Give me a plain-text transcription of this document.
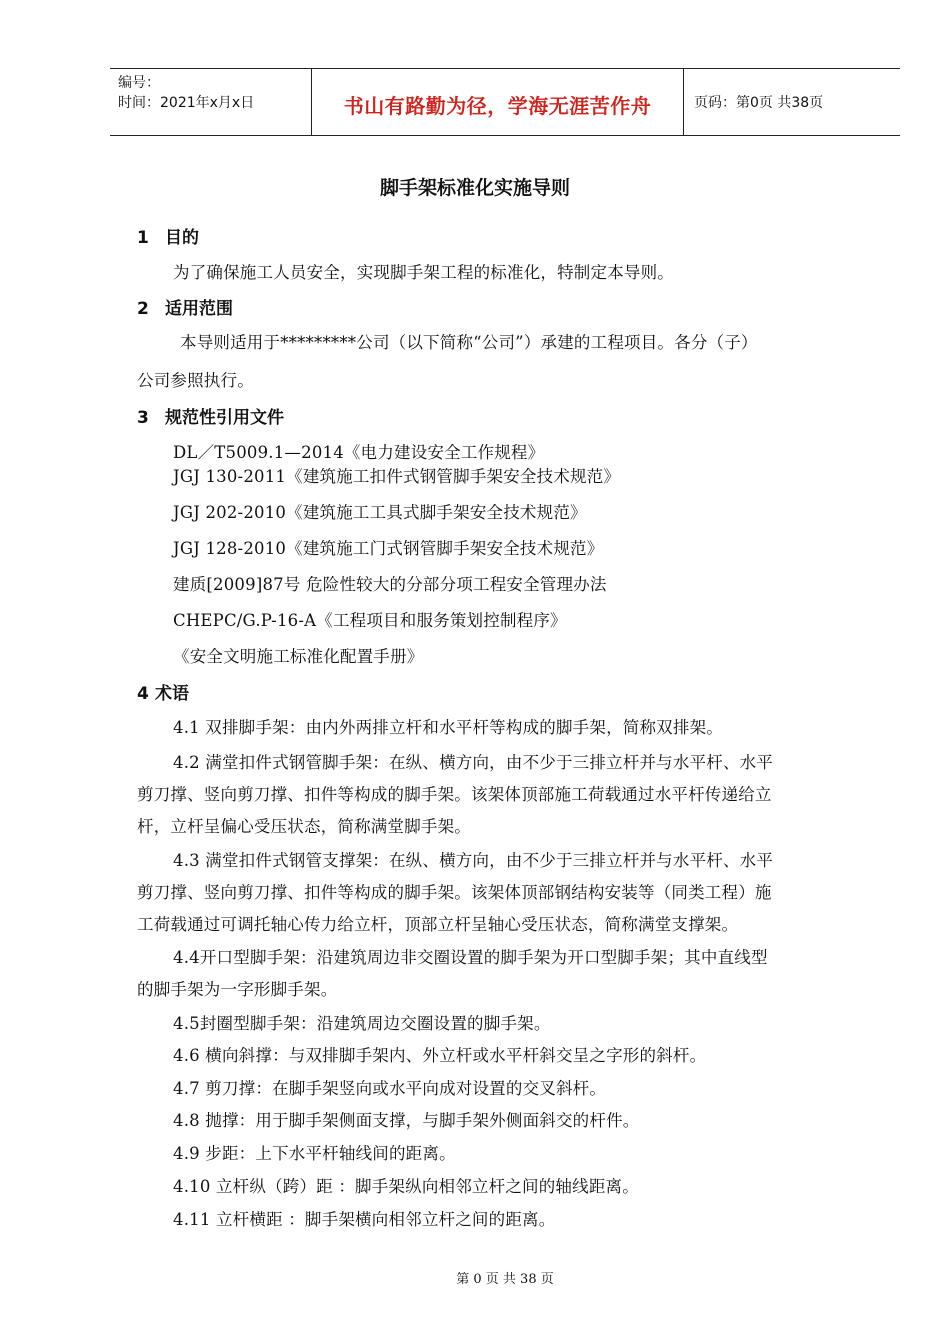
编号：
时间：2021年x月x日	书山有路勤为径，学海无涯苦作舟	页码：第0页 共38页
脚手架标准化实施导则
1 目的
为了确保施工人员安全，实现脚手架工程的标准化，特制定本导则。
2 适用范围
本导则适用于*********公司（以下简称“公司”）承建的工程项目。各分（子）
公司参照执行。
3 规范性引用文件
DL／T5009.1—2014《电力建设安全工作规程》
JGJ 130-2011《建筑施工扣件式钢管脚手架安全技术规范》
JGJ 202-2010《建筑施工工具式脚手架安全技术规范》
JGJ 128-2010《建筑施工门式钢管脚手架安全技术规范》
建质[2009]87号 危险性较大的分部分项工程安全管理办法
CHEPC/G.P-16-A《工程项目和服务策划控制程序》
《安全文明施工标准化配置手册》
4 术语
4.1 双排脚手架：由内外两排立杆和水平杆等构成的脚手架，简称双排架。
4.2 满堂扣件式钢管脚手架：在纵、横方向，由不少于三排立杆并与水平杆、水平
剪刀撑、竖向剪刀撑、扣件等构成的脚手架。该架体顶部施工荷载通过水平杆传递给立
杆，立杆呈偏心受压状态，简称满堂脚手架。
4.3 满堂扣件式钢管支撑架：在纵、横方向，由不少于三排立杆并与水平杆、水平
剪刀撑、竖向剪刀撑、扣件等构成的脚手架。该架体顶部钢结构安装等（同类工程）施
工荷载通过可调托轴心传力给立杆，顶部立杆呈轴心受压状态，简称满堂支撑架。
4.4开口型脚手架：沿建筑周边非交圈设置的脚手架为开口型脚手架；其中直线型
的脚手架为一字形脚手架。
4.5封圈型脚手架：沿建筑周边交圈设置的脚手架。
4.6 横向斜撑：与双排脚手架内、外立杆或水平杆斜交呈之字形的斜杆。
4.7 剪刀撑：在脚手架竖向或水平向成对设置的交叉斜杆。
4.8 抛撑：用于脚手架侧面支撑，与脚手架外侧面斜交的杆件。
4.9 步距：上下水平杆轴线间的距离。
4.10 立杆纵（跨）距 ：脚手架纵向相邻立杆之间的轴线距离。
4.11 立杆横距 ：脚手架横向相邻立杆之间的距离。
第 0 页 共 38 页
